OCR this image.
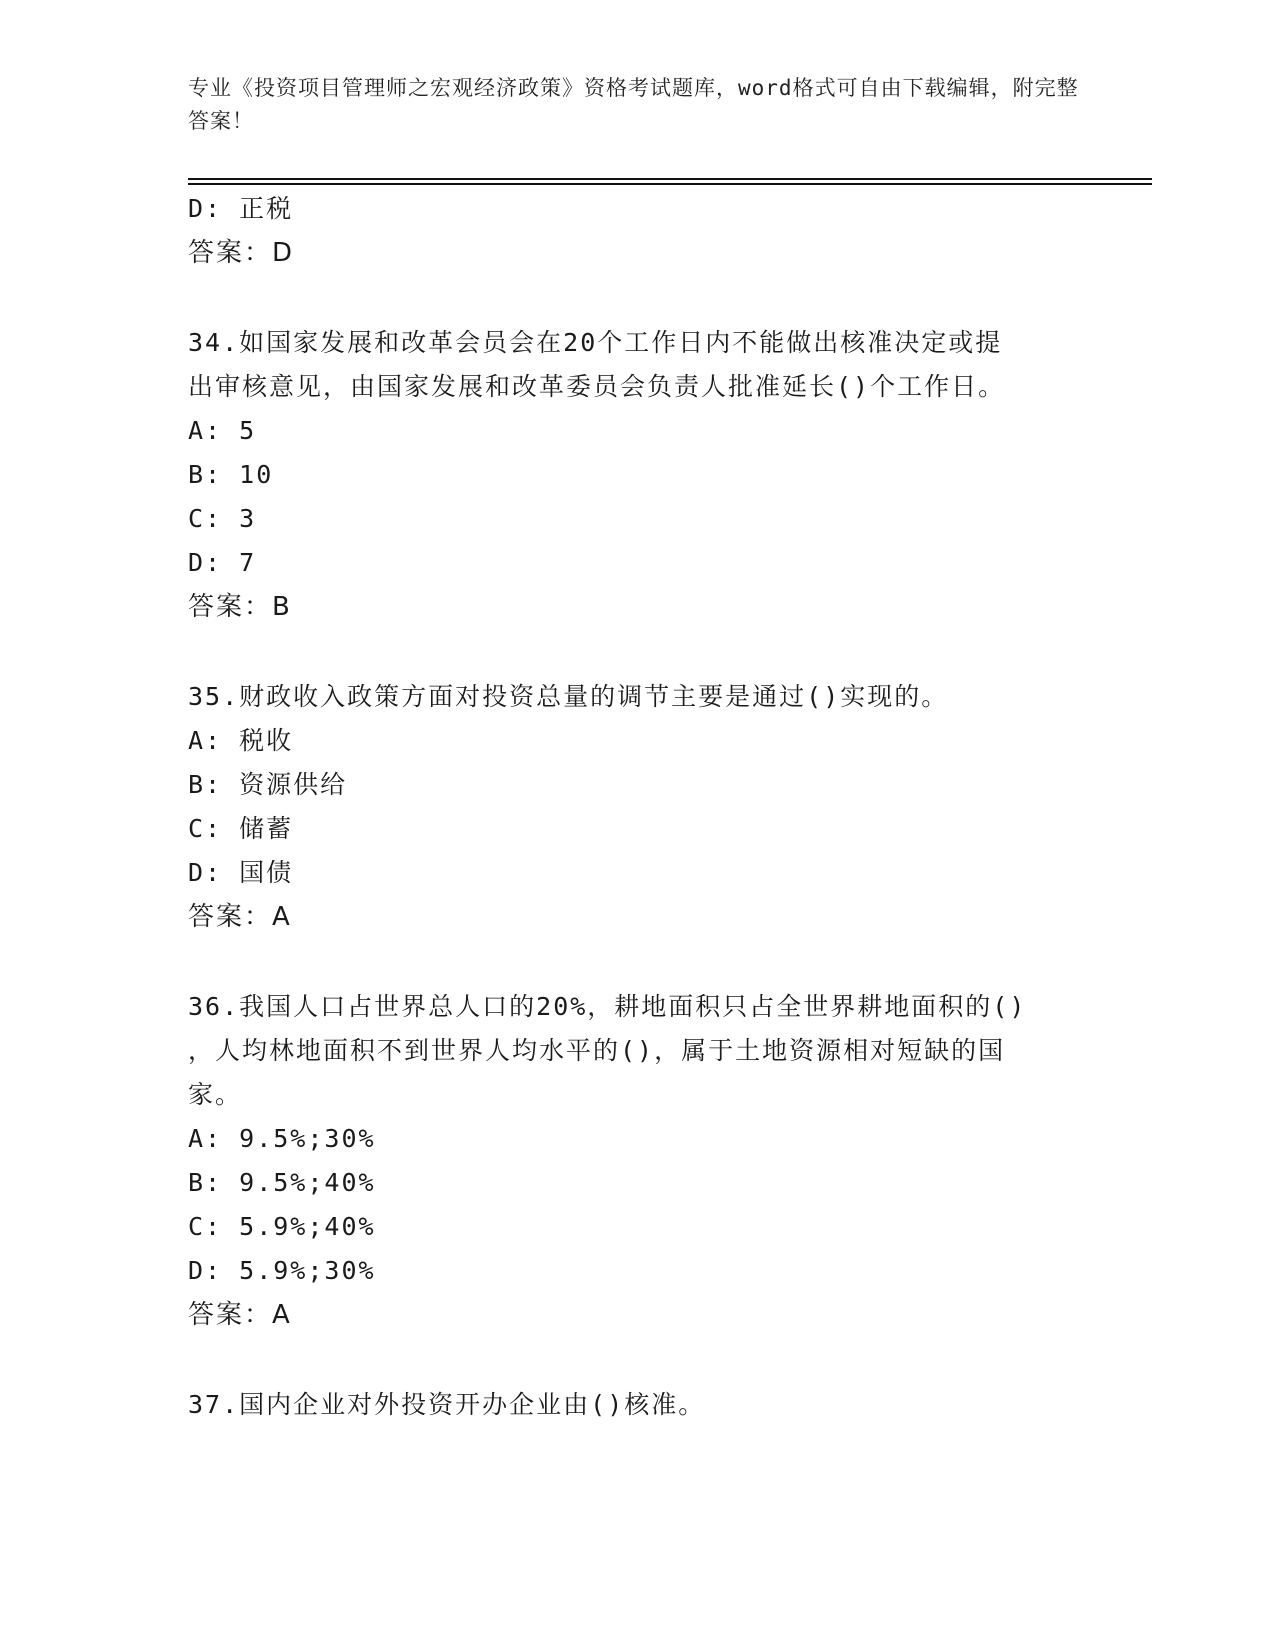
专业《投资项目管理师之宏观经济政策》资格考试题库，word格式可自由下载编辑，附完整答案！
D: 正税
答案：D
34.如国家发展和改革会员会在20个工作日内不能做出核准决定或提
出审核意见，由国家发展和改革委员会负责人批准延长()个工作日。
A: 5
B: 10
C: 3
D: 7
答案：B
35.财政收入政策方面对投资总量的调节主要是通过()实现的。
A: 税收
B: 资源供给
C: 储蓄
D: 国债
答案：A
36.我国人口占世界总人口的20%，耕地面积只占全世界耕地面积的()
，人均林地面积不到世界人均水平的()，属于土地资源相对短缺的国
家。
A: 9.5%;30%
B: 9.5%;40%
C: 5.9%;40%
D: 5.9%;30%
答案：A
37.国内企业对外投资开办企业由()核准。
